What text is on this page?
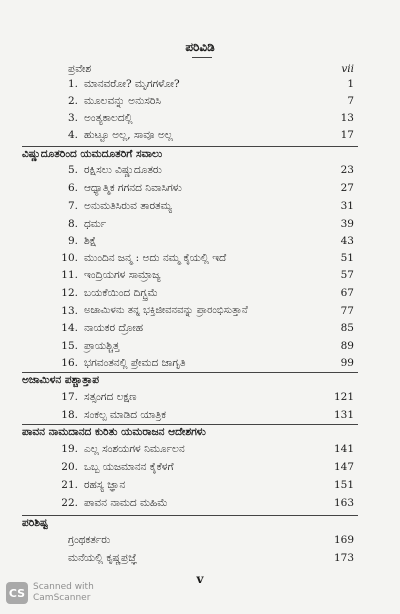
ಪರಿವಿಡಿ
ಪ್ರವೇಶ	vii
1. ಮಾನವರೋ? ಮೃಗಗಳೋ?	1
2. ಮೂಲವನ್ನು ಅನುಸರಿಸಿ	7
3. ಅಂತ್ಯಕಾಲದಲ್ಲಿ	13
4. ಹುಟ್ಟೂ ಅಲ್ಲ, ಸಾವೂ ಅಲ್ಲ	17
ವಿಷ್ಣುದೂತರಿಂದ ಯಮದೂತರಿಗೆ ಸವಾಲು
5. ರಕ್ಷಿಸಲು ವಿಷ್ಣುದೂತರು	23
6. ಆಧ್ಯಾತ್ಮಿಕ ಗಗನದ ನಿವಾಸಿಗಳು	27
7. ಅನುಮತಿಸಿರುವ ತಾರತಮ್ಯ	31
8. ಧರ್ಮ	39
9. ಶಿಕ್ಷೆ	43
10. ಮುಂದಿನ ಜನ್ಮ : ಅದು ನಮ್ಮ ಕೈಯಲ್ಲಿ ಇದೆ	51
11. ಇಂದ್ರಿಯಗಳ ಸಾಮ್ರಾಜ್ಯ	57
12. ಬಯಕೆಯಿಂದ ದಿಗ್ಭ್ರಮೆ	67
13. ಅಜಾಮಿಳನು ತನ್ನ ಭಕ್ತಿಜೀವನವನ್ನು ಪ್ರಾರಂಭಿಸುತ್ತಾನೆ	77
14. ನಾಯಕರ ದ್ರೋಹ	85
15. ಪ್ರಾಯಶ್ಚಿತ್ತ	89
16. ಭಗವಂತನಲ್ಲಿ ಪ್ರೇಮದ ಜಾಗೃತಿ	99
ಅಜಾಮಿಳನ ಪಶ್ಚಾತ್ತಾಪ
17. ಸತ್ಸಂಗದ ಲಕ್ಷಣ	121
18. ಸಂಕಲ್ಪ ಮಾಡಿದ ಯಾತ್ರಿಕ	131
ಪಾವನ ನಾಮದಾನದ ಕುರಿತು ಯಮರಾಜನ ಆದೇಶಗಳು
19. ಎಲ್ಲ ಸಂಶಯಗಳ ನಿರ್ಮೂಲನ	141
20. ಒಬ್ಬ ಯಜಮಾನನ ಕೈಕೆಳಗೆ	147
21. ರಹಸ್ಯ ಜ್ಞಾನ	151
22. ಪಾವನ ನಾಮದ ಮಹಿಮೆ	163
ಪರಿಶಿಷ್ಟ
ಗ್ರಂಥಕರ್ತರು	169
ಮನೆಯಲ್ಲಿ ಕೃಷ್ಣಪ್ರಜ್ಞೆ	173
v
CS Scanned with
CamScanner
